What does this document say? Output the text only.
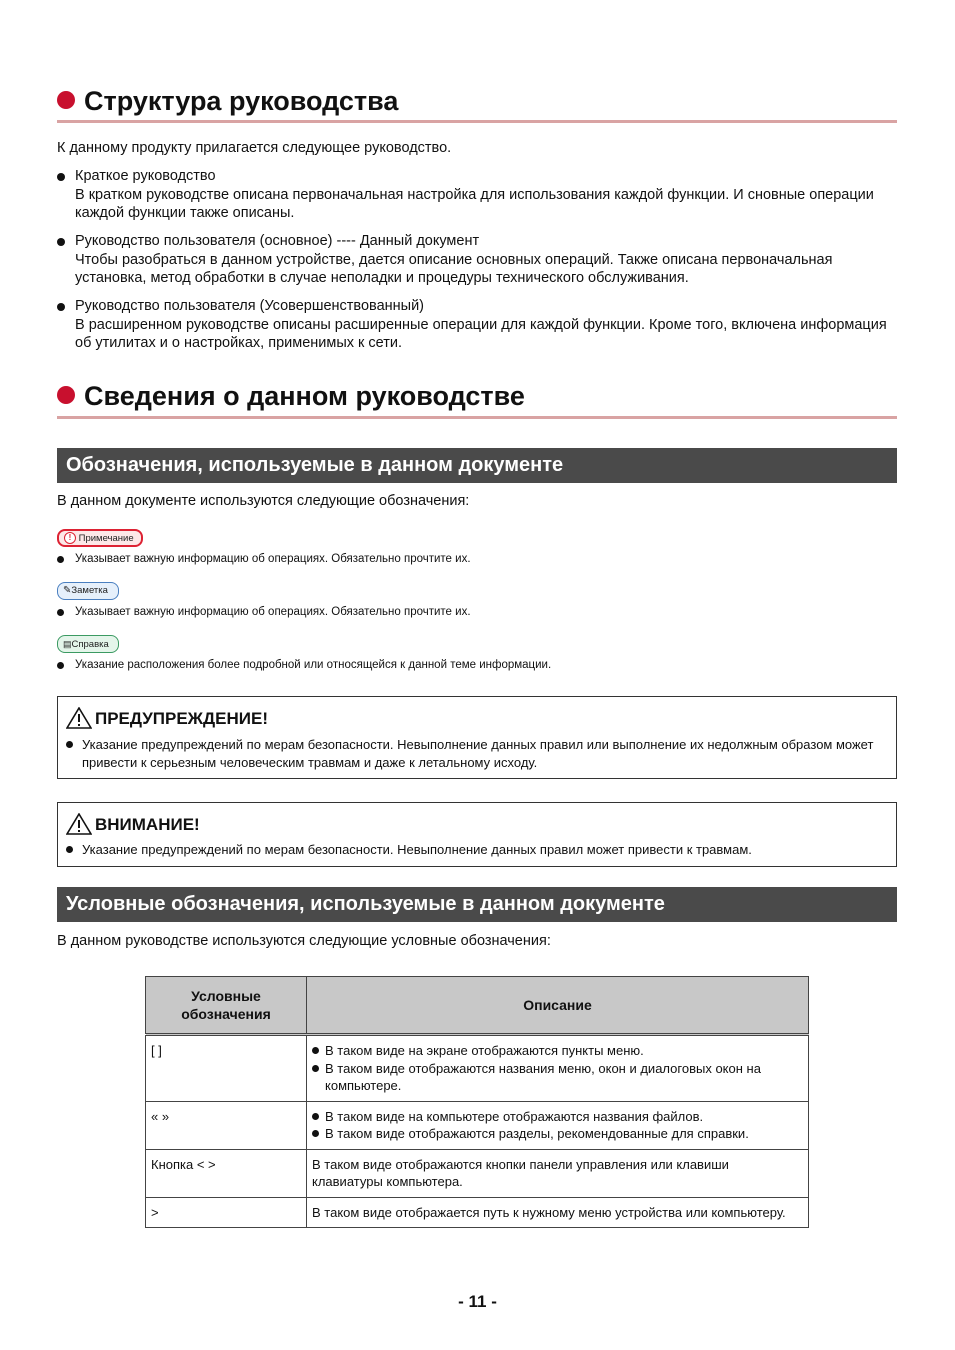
Структура руководства
К данному продукту прилагается следующее руководство.
Краткое руководство
В кратком руководстве описана первоначальная настройка для использования каждой функции. И сновные операции каждой функции также описаны.
Руководство пользователя (основное) ---- Данный документ
Чтобы разобраться в данном устройстве, дается описание основных операций. Также описана первоначальная установка, метод обработки в случае неполадки и процедуры технического обслуживания.
Руководство пользователя (Усовершенствованный)
В расширенном руководстве описаны расширенные операции для каждой функции. Кроме того, включена информация об утилитах и о настройках, применимых к сети.
Сведения о данном руководстве
Обозначения, используемые в данном документе
В данном документе используются следующие обозначения:
! Примечание
Указывает важную информацию об операциях. Обязательно прочтите их.
✎Заметка
Указывает важную информацию об операциях. Обязательно прочтите их.
▤Справка
Указание расположения более подробной или относящейся к данной теме информации.
ПРЕДУПРЕЖДЕНИЕ!
Указание предупреждений по мерам безопасности. Невыполнение данных правил или выполнение их недолжным образом может привести к серьезным человеческим травмам и даже к летальному исходу.
ВНИМАНИЕ!
Указание предупреждений по мерам безопасности. Невыполнение данных правил может привести к травмам.
Условные обозначения, используемые в данном документе
В данном руководстве используются следующие условные обозначения:
Условные обозначения	Описание
[ ]	В таком виде на экране отображаются пункты меню.
В таком виде отображаются названия меню, окон и диалоговых окон на компьютере.

« »	В таком виде на компьютере отображаются названия файлов.
В таком виде отображаются разделы, рекомендованные для справки.

Кнопка < >	В таком виде отображаются кнопки панели управления или клавиши клавиатуры компьютера.
>	В таком виде отображается путь к нужному меню устройства или компьютеру.
- 11 -
